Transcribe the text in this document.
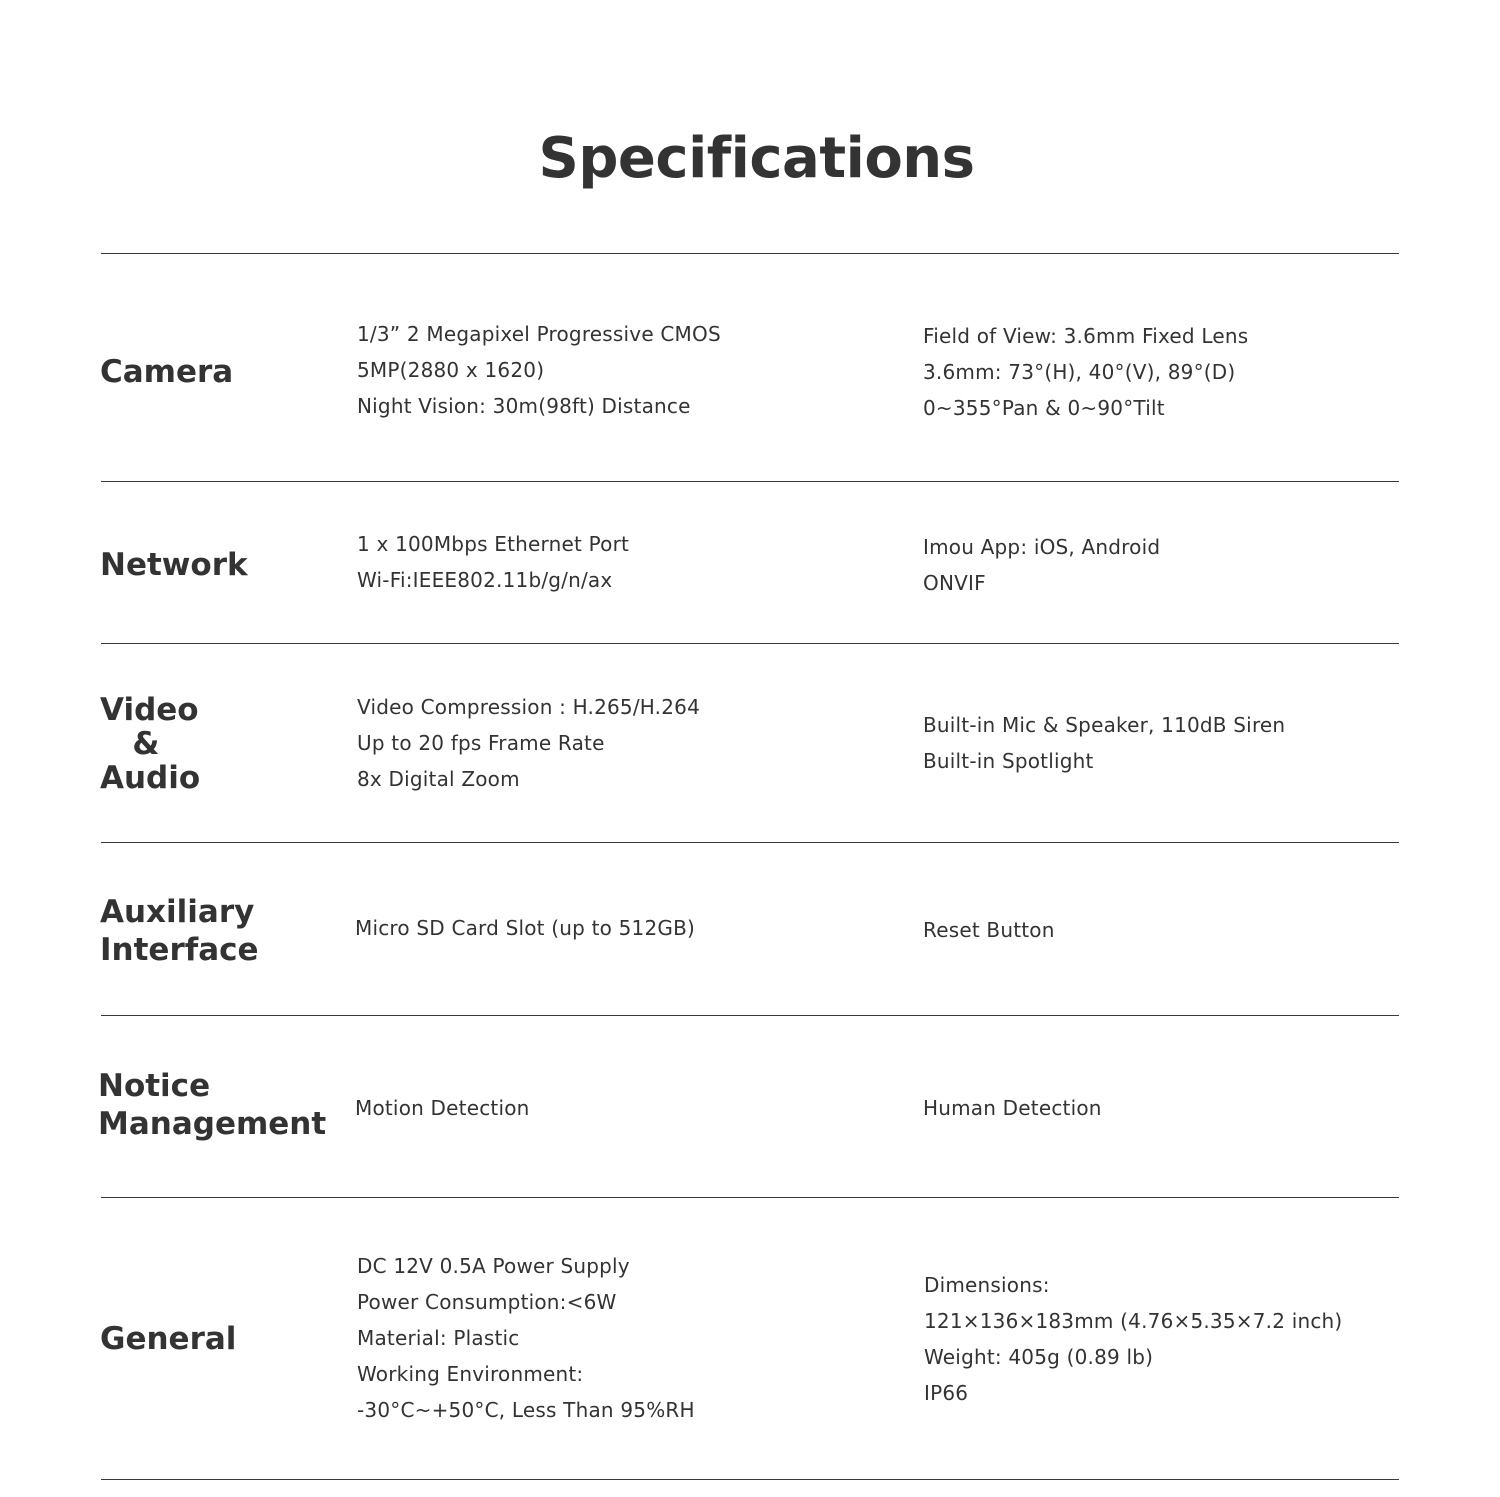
Specifications
Camera
1/3” 2 Megapixel Progressive CMOS
5MP(2880 x 1620)
Night Vision: 30m(98ft) Distance
Field of View: 3.6mm Fixed Lens
3.6mm: 73°(H), 40°(V), 89°(D)
0~355°Pan & 0~90°Tilt
Network
1 x 100Mbps Ethernet Port
Wi-Fi:IEEE802.11b/g/n/ax
Imou App: iOS, Android
ONVIF
Video
&
Audio
Video Compression : H.265/H.264
Up to 20 fps Frame Rate
8x Digital Zoom
Built-in Mic & Speaker, 110dB Siren
Built-in Spotlight
Auxiliary
Interface
Micro SD Card Slot (up to 512GB)	Reset Button
Notice
Management Motion Detection	Human Detection
General
DC 12V 0.5A Power Supply
Power Consumption:<6W
Material: Plastic
Working Environment:
-30°C~+50°C, Less Than 95%RH
Dimensions:
121×136×183mm (4.76×5.35×7.2 inch)
Weight: 405g (0.89 lb)
IP66
